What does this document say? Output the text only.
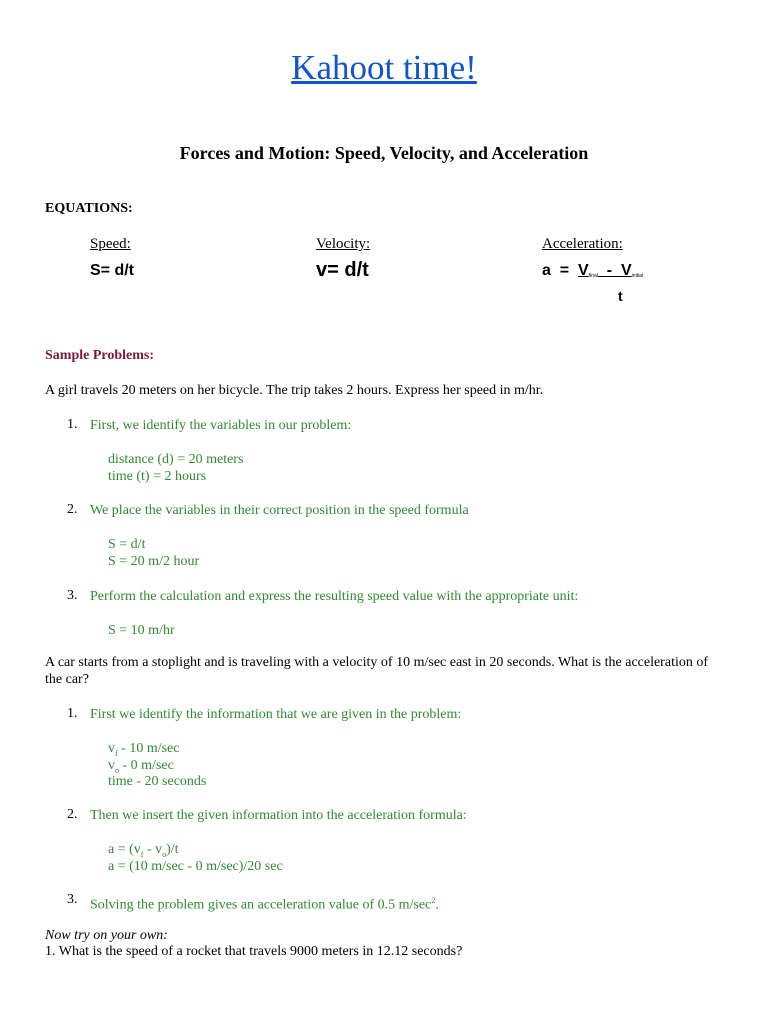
Kahoot time!
Forces and Motion: Speed, Velocity, and Acceleration
EQUATIONS:
Speed:
S= d/t
Velocity:
v= d/t
Acceleration:
a = Vfinal - Vinitial
t
Sample Problems:
A girl travels 20 meters on her bicycle. The trip takes 2 hours. Express her speed in m/hr.
1. First, we identify the variables in our problem:
distance (d) = 20 meters
time (t) = 2 hours
2. We place the variables in their correct position in the speed formula
S = d/t
S = 20 m/2 hour
3. Perform the calculation and express the resulting speed value with the appropriate unit:
S = 10 m/hr
A car starts from a stoplight and is traveling with a velocity of 10 m/sec east in 20 seconds. What is the acceleration of the car?
1. First we identify the information that we are given in the problem:
$v_f - 10$ m/sec
$v_o - 0$ m/sec
time - 20 seconds
2. Then we insert the given information into the acceleration formula:
$a = (v_f - v_o)/t$
a = (10 m/sec - 0 m/sec)/20 sec
3. Solving the problem gives an acceleration value of 0.5 $m/\sec^2$.
Now try on your own:
1. What is the speed of a rocket that travels 9000 meters in 12.12 seconds?
